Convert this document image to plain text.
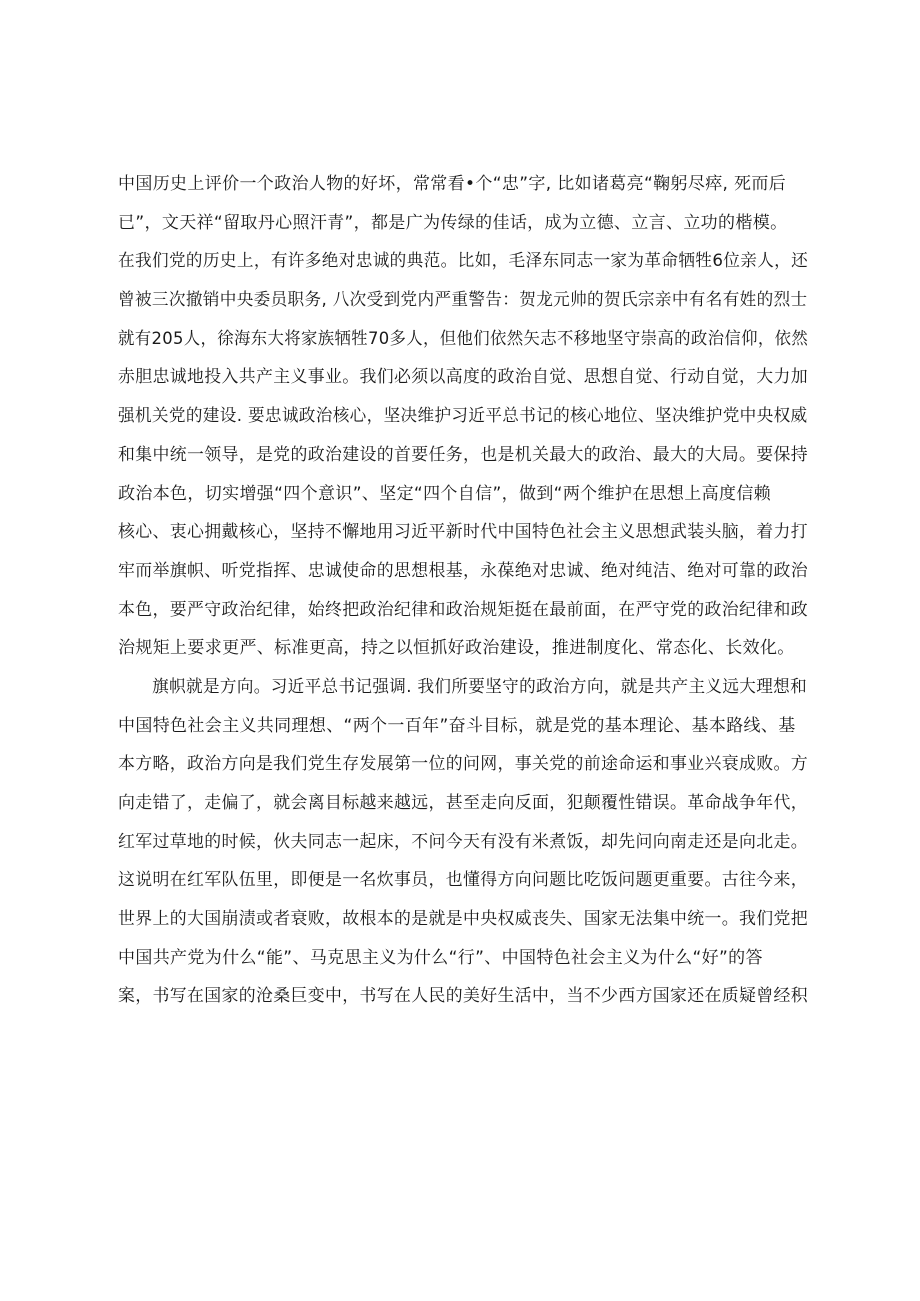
中国历史上评价一个政治人物的好坏，常常看•个“忠”字, 比如诸葛亮“鞠躬尽瘁, 死而后
已”，文天祥“留取丹心照汗青”，都是广为传绿的佳话，成为立德、立言、立功的楷模。
在我们党的历史上，有许多绝对忠诚的典范。比如，毛泽东同志一家为革命牺牲6位亲人，还
曾被三次撤销中央委员职务, 八次受到党内严重警告：贺龙元帅的贺氏宗亲中有名有姓的烈士
就有205人，徐海东大将家族牺牲70多人，但他们依然矢志不移地坚守崇高的政治信仰，依然
赤胆忠诚地投入共产主义事业。我们必须以高度的政治自觉、思想自觉、行动自觉，大力加
强机关党的建设. 要忠诚政治核心，坚决维护习近平总书记的核心地位、坚决维护党中央权威
和集中统一领导，是党的政治建设的首要任务，也是机关最大的政治、最大的大局。要保持
政治本色，切实增强“四个意识”、坚定“四个自信”，做到“两个维护在思想上高度信赖
核心、衷心拥戴核心，坚持不懈地用习近平新时代中国特色社会主义思想武装头脑，着力打
牢而举旗帜、听党指挥、忠诚使命的思想根基，永葆绝对忠诚、绝对纯洁、绝对可靠的政治
本色，要严守政治纪律，始终把政治纪律和政治规矩挺在最前面，在严守党的政治纪律和政
治规矩上要求更严、标准更高，持之以恒抓好政治建设，推进制度化、常态化、长效化。
旗帜就是方向。习近平总书记强调. 我们所要坚守的政治方向，就是共产主义远大理想和
中国特色社会主义共同理想、“两个一百年”奋斗目标，就是党的基本理论、基本路线、基
本方略，政治方向是我们党生存发展第一位的问网，事关党的前途命运和事业兴衰成败。方
向走错了，走偏了，就会离目标越来越远，甚至走向反面，犯颠覆性错误。革命战争年代，
红军过草地的时候，伙夫同志一起床，不问今天有没有米煮饭，却先问向南走还是向北走。
这说明在红军队伍里，即便是一名炊事员，也懂得方向问题比吃饭问题更重要。古往今来，
世界上的大国崩渍或者衰败，故根本的是就是中央权威丧失、国家无法集中统一。我们党把
中国共产党为什么“能”、马克思主义为什么“行”、中国特色社会主义为什么“好”的答
案，书写在国家的沧桑巨变中，书写在人民的美好生活中，当不少西方国家还在质疑曾经积
